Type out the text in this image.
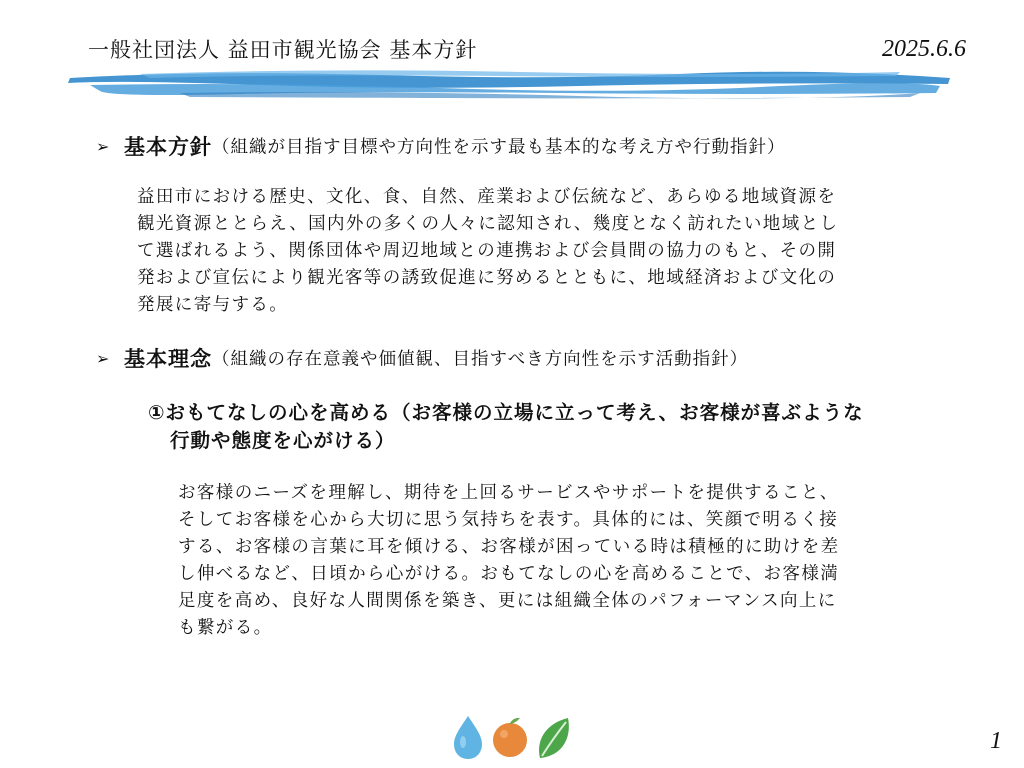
一般社団法人 益田市観光協会 基本方針	2025.6.6
➢ 基本方針（組織が目指す目標や方向性を示す最も基本的な考え方や行動指針）
益田市における歴史、文化、食、自然、産業および伝統など、あらゆる地域資源を
観光資源ととらえ、国内外の多くの人々に認知され、幾度となく訪れたい地域とし
て選ばれるよう、関係団体や周辺地域との連携および会員間の協力のもと、その開
発および宣伝により観光客等の誘致促進に努めるとともに、地域経済および文化の
発展に寄与する。
➢ 基本理念（組織の存在意義や価値観、目指すべき方向性を示す活動指針）
①おもてなしの心を高める（お客様の立場に立って考え、お客様が喜ぶような
行動や態度を心がける）
お客様のニーズを理解し、期待を上回るサービスやサポートを提供すること、
そしてお客様を心から大切に思う気持ちを表す。具体的には、笑顔で明るく接
する、お客様の言葉に耳を傾ける、お客様が困っている時は積極的に助けを差
し伸べるなど、日頃から心がける。おもてなしの心を高めることで、お客様満
足度を高め、良好な人間関係を築き、更には組織全体のパフォーマンス向上に
も繋がる。
1
